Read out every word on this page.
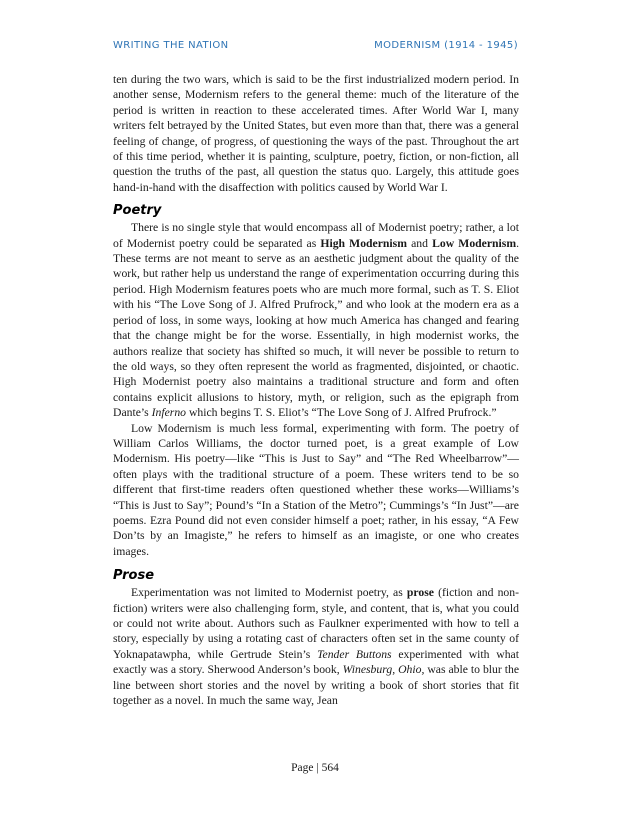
WRITING THE NATION	MODERNISM (1914 - 1945)

ten during the two wars, which is said to be the first industrialized modern period. In another sense, Modernism refers to the general theme: much of the literature of the period is written in reaction to these accelerated times. After World War I, many writers felt betrayed by the United States, but even more than that, there was a general feeling of change, of progress, of questioning the ways of the past. Throughout the art of this time period, whether it is painting, sculpture, poetry, fiction, or non-fiction, all question the truths of the past, all question the status quo. Largely, this attitude goes hand-in-hand with the disaffection with politics caused by World War I.

Poetry

There is no single style that would encompass all of Modernist poetry; rather, a lot of Modernist poetry could be separated as High Modernism and Low Modernism. These terms are not meant to serve as an aesthetic judgment about the quality of the work, but rather help us understand the range of experimentation occurring during this period. High Modernism features poets who are much more formal, such as T. S. Eliot with his “The Love Song of J. Alfred Prufrock,” and who look at the modern era as a period of loss, in some ways, looking at how much America has changed and fearing that the change might be for the worse. Essentially, in high modernist works, the authors realize that society has shifted so much, it will never be possible to return to the old ways, so they often represent the world as fragmented, disjointed, or chaotic. High Modernist poetry also maintains a traditional structure and form and often contains explicit allusions to history, myth, or religion, such as the epigraph from Dante’s Inferno which begins T. S. Eliot’s “The Love Song of J. Alfred Prufrock.”

Low Modernism is much less formal, experimenting with form. The poetry of William Carlos Williams, the doctor turned poet, is a great example of Low Modernism. His poetry—like “This is Just to Say” and “The Red Wheelbarrow”—often plays with the traditional structure of a poem. These writers tend to be so different that first-time readers often questioned whether these works—Williams’s “This is Just to Say”; Pound’s “In a Station of the Metro”; Cummings’s “In Just”—are poems. Ezra Pound did not even consider himself a poet; rather, in his essay, “A Few Don’ts by an Imagiste,” he refers to himself as an imagiste, or one who creates images.

Prose

Experimentation was not limited to Modernist poetry, as prose (fiction and non-fiction) writers were also challenging form, style, and content, that is, what you could or could not write about. Authors such as Faulkner experimented with how to tell a story, especially by using a rotating cast of characters often set in the same county of Yoknapatawpha, while Gertrude Stein’s Tender Buttons experimented with what exactly was a story. Sherwood Anderson’s book, Winesburg, Ohio, was able to blur the line between short stories and the novel by writing a book of short stories that fit together as a novel. In much the same way, Jean

Page | 564
